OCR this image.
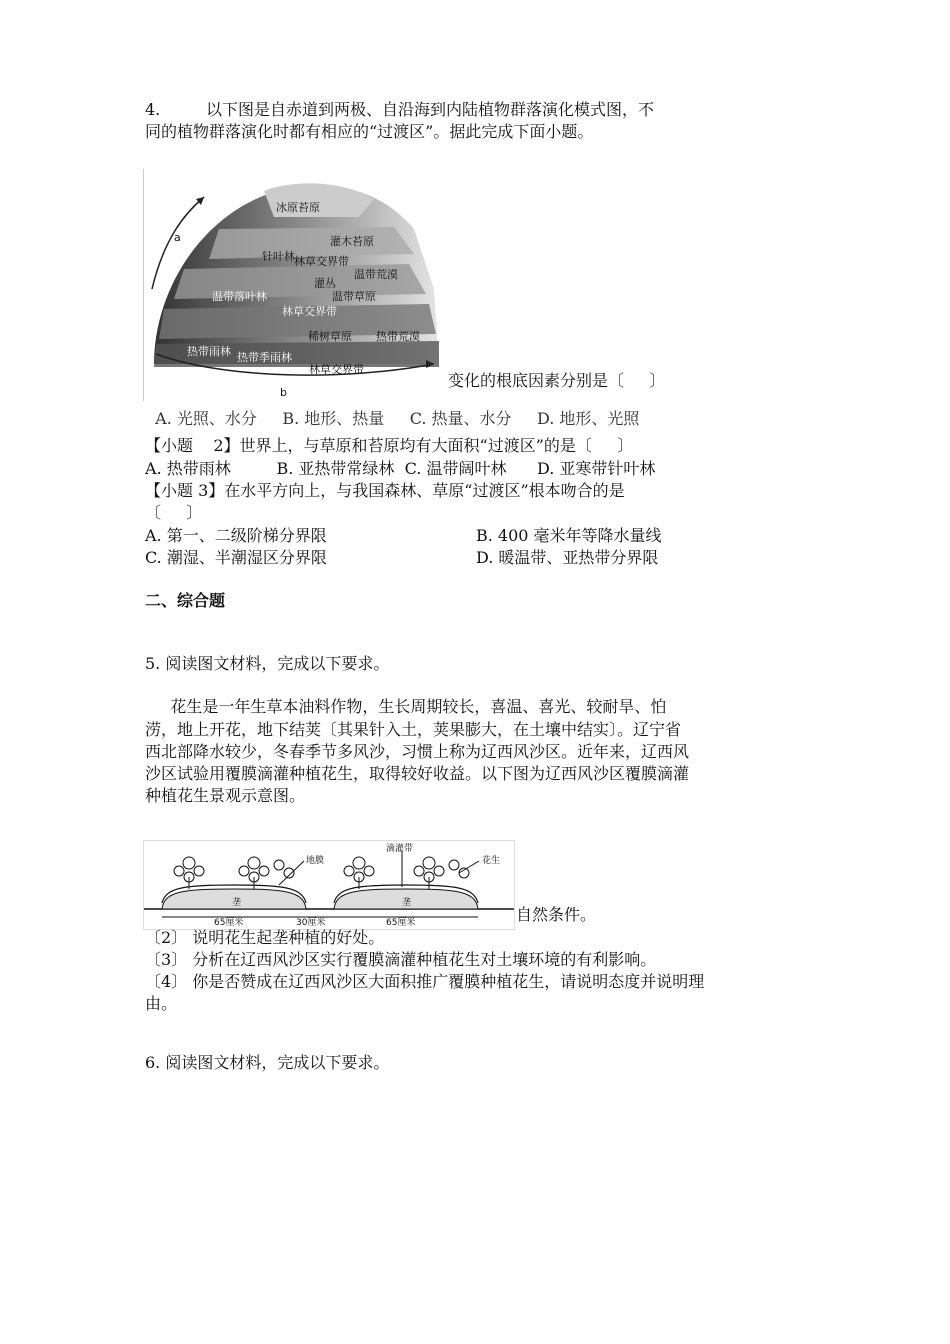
4.         以下图是自赤道到两极、自沿海到内陆植物群落演化模式图，不
同的植物群落演化时都有相应的“过渡区”。据此完成下面小题。
a
b
冰原苔原
灌木苔原
针叶林 林草交界带
温带荒漠
灌丛
温带落叶林	温带草原
林草交界带
稀树草原 热带荒漠
热带雨林 热带季雨林
林草交界带
变化的根底因素分别是〔     〕

A. 光照、水分     B. 地形、热量     C. 热量、水分     D. 地形、光照

【小题    2】世界上，与草原和苔原均有大面积“过渡区”的是〔     〕
A. 热带雨林         B. 亚热带常绿林  C. 温带阔叶林      D. 亚寒带针叶林
【小题 3】在水平方向上，与我国森林、草原“过渡区”根本吻合的是
〔     〕
A. 第一、二级阶梯分界限	B. 400 毫米年等降水量线
C. 潮湿、半潮湿区分界限	D. 暖温带、亚热带分界限
二、综合题
5. 阅读图文材料，完成以下要求。
花生是一年生草本油料作物，生长周期较长，喜温、喜光、较耐旱、怕
涝，地上开花，地下结荚〔其果针入土，荚果膨大，在土壤中结实〕。辽宁省
西北部降水较少，冬春季节多风沙，习惯上称为辽西风沙区。近年来，辽西风
沙区试验用覆膜滴灌种植花生，取得较好收益。以下图为辽西风沙区覆膜滴灌
种植花生景观示意图。
地膜
滴灌带
花生
垄	垄
65厘米	30厘米	65厘米	自然条件。
〔2〕 说明花生起垄种植的好处。
〔3〕 分析在辽西风沙区实行覆膜滴灌种植花生对土壤环境的有利影响。
〔4〕 你是否赞成在辽西风沙区大面积推广覆膜种植花生，请说明态度并说明理
由。
6. 阅读图文材料，完成以下要求。
